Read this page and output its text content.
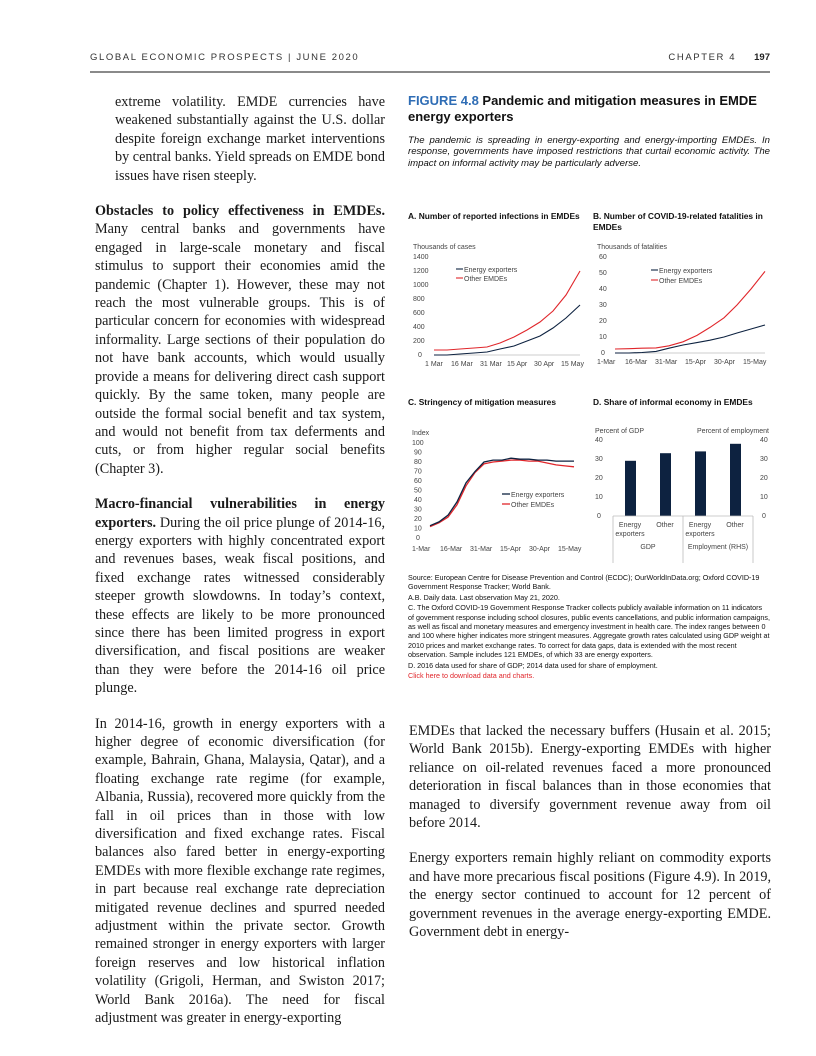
GLOBAL ECONOMIC PROSPECTS | JUNE 2020	CHAPTER 4 197

extreme volatility. EMDE currencies have weakened substantially against the U.S. dollar despite foreign exchange market interventions by central banks. Yield spreads on EMDE bond issues have risen steeply.

Obstacles to policy effectiveness in EMDEs. Many central banks and governments have engaged in large-scale monetary and fiscal stimulus to support their economies amid the pandemic (Chapter 1). However, these may not reach the most vulnerable groups. This is of particular concern for economies with widespread informality. Large sections of their population do not have bank accounts, which would usually provide a means for delivering direct cash support quickly. By the same token, many people are outside the formal social benefit and tax system, and would not benefit from tax deferments and cuts, or from higher regular social benefits (Chapter 3).

Macro-financial vulnerabilities in energy exporters. During the oil price plunge of 2014-16, energy exporters with highly concentrated export and revenues bases, weak fiscal positions, and fixed exchange rates witnessed considerably steeper growth slowdowns. In today’s context, these effects are likely to be more pronounced since there has been limited progress in export diversification, and fiscal positions are weaker than they were before the 2014-16 oil price plunge.

In 2014-16, growth in energy exporters with a higher degree of economic diversification (for example, Bahrain, Ghana, Malaysia, Qatar), and a floating exchange rate regime (for example, Albania, Russia), recovered more quickly from the fall in oil prices than in those with low diversification and fixed exchange rates. Fiscal balances also fared better in energy-exporting EMDEs with more flexible exchange rate regimes, in part because real exchange rate depreciation mitigated revenue declines and spurred needed adjustment within the private sector. Growth remained stronger in energy exporters with larger foreign reserves and low historical inflation volatility (Grigoli, Herman, and Swiston 2017; World Bank 2016a). The need for fiscal adjustment was greater in energy-exporting

FIGURE 4.8 Pandemic and mitigation measures in EMDE energy exporters
The pandemic is spreading in energy-exporting and energy-importing EMDEs. In response, governments have imposed restrictions that curtail economic activity. The impact on informal activity may be particularly adverse.
A. Number of reported infections in EMDEs
Thousands of cases
1400
1200
1000
800
600
400
200
0
Energy exporters
Other EMDEs
1 Mar 16 Mar 31 Mar 15 Apr 30 Apr 15 May
B. Number of COVID-19-related fatalities in EMDEs
Thousands of fatalities
60
50
40
30
20
10
0
Energy exporters
Other EMDEs
1-Mar 16-Mar 31-Mar 15-Apr 30-Apr 15-May
C. Stringency of mitigation measures
Index
100
90
80
70
60
50
40
30
20
10
0
Energy exporters
Other EMDEs
1-Mar 16-Mar 31-Mar 15-Apr 30-Apr 15-May
D. Share of informal economy in EMDEs
Percent of GDP	Percent of employment
40
30
20
10
0
40
30
20
10
0
Energy
exporters
Other Energy
exporters
Other
GDP	Employment (RHS)
Source: European Centre for Disease Prevention and Control (ECDC); OurWorldInData.org; Oxford COVID-19 Government Response Tracker; World Bank.
A.B. Daily data. Last observation May 21, 2020.
C. The Oxford COVID-19 Government Response Tracker collects publicly available information on 11 indicators of government response including school closures, public events cancellations, and public information campaigns, as well as fiscal and monetary measures and emergency investment in health care. The index ranges between 0 and 100 where higher indicates more stringent measures. Aggregate growth rates calculated using GDP weight at 2010 prices and market exchange rates. To correct for data gaps, data is extended with the most recent observation. Sample includes 121 EMDEs, of which 33 are energy exporters.
D. 2016 data used for share of GDP; 2014 data used for share of employment.
Click here to download data and charts.

EMDEs that lacked the necessary buffers (Husain et al. 2015; World Bank 2015b). Energy-exporting EMDEs with higher reliance on oil-related revenues faced a more pronounced deterioration in fiscal balances than in those economies that managed to diversify government revenue away from oil before 2014.

Energy exporters remain highly reliant on commodity exports and have more precarious fiscal positions (Figure 4.9). In 2019, the energy sector continued to account for 12 percent of government revenues in the average energy-exporting EMDE. Government debt in energy-
